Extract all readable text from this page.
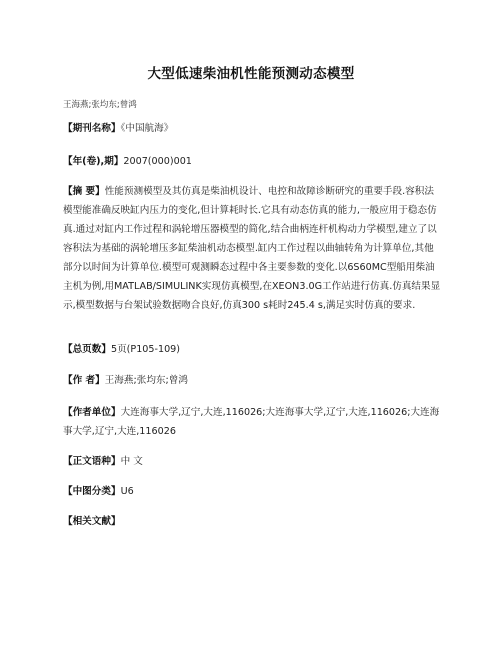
大型低速柴油机性能预测动态模型
王海燕;张均东;曾鸿
【期刊名称】《中国航海》
【年(卷),期】2007(000)001
【摘 要】性能预测模型及其仿真是柴油机设计、电控和故障诊断研究的重要手段.容积法模型能准确反映缸内压力的变化,但计算耗时长.它具有动态仿真的能力,一般应用于稳态仿真.通过对缸内工作过程和涡轮增压器模型的简化,结合曲柄连杆机构动力学模型,建立了以容积法为基础的涡轮增压多缸柴油机动态模型.缸内工作过程以曲轴转角为计算单位,其他部分以时间为计算单位.模型可观测瞬态过程中各主要参数的变化.以6S60MC型船用柴油主机为例,用MATLAB/SIMULINK实现仿真模型,在XEON3.0G工作站进行仿真.仿真结果显示,模型数据与台架试验数据吻合良好,仿真300 s耗时245.4 s,满足实时仿真的要求.
【总页数】5页(P105-109)
【作 者】王海燕;张均东;曾鸿
【作者单位】大连海事大学,辽宁,大连,116026;大连海事大学,辽宁,大连,116026;大连海事大学,辽宁,大连,116026
【正文语种】中 文
【中图分类】U6
【相关文献】
